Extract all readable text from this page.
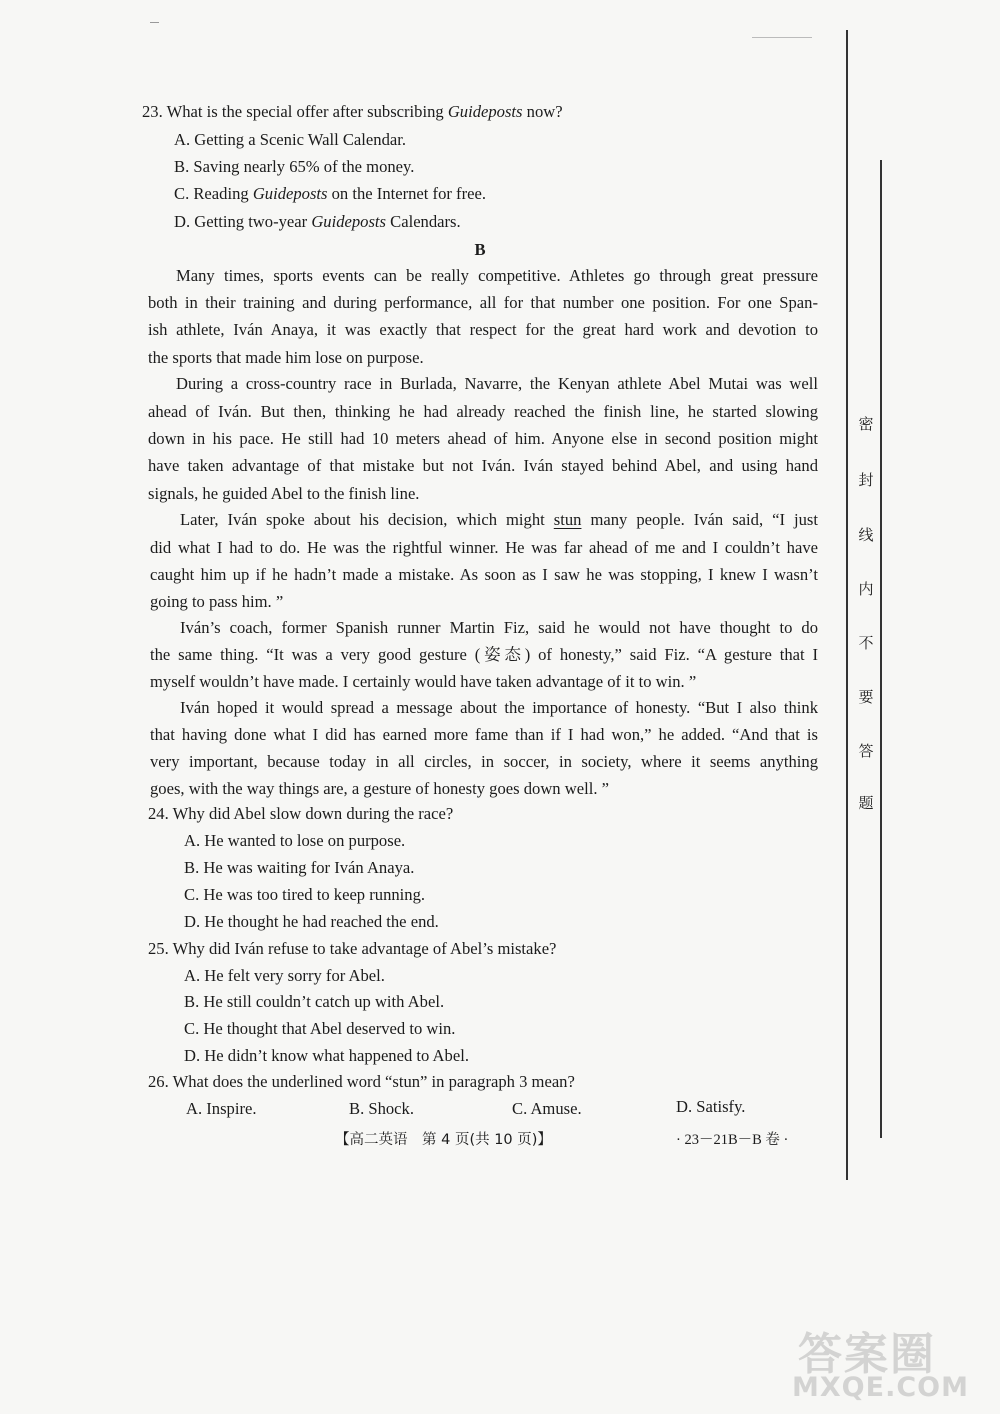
23. What is the special offer after subscribing Guideposts now?
A. Getting a Scenic Wall Calendar.
B. Saving nearly 65% of the money.
C. Reading Guideposts on the Internet for free.
D. Getting two-year Guideposts Calendars.
B
Many times, sports events can be really competitive. Athletes go through great pressure
both in their training and during performance, all for that number one position. For one Span-
ish athlete, Iván Anaya, it was exactly that respect for the great hard work and devotion to
the sports that made him lose on purpose.
During a cross-country race in Burlada, Navarre, the Kenyan athlete Abel Mutai was well
ahead of Iván. But then, thinking he had already reached the finish line, he started slowing
down in his pace. He still had 10 meters ahead of him. Anyone else in second position might
have taken advantage of that mistake but not Iván. Iván stayed behind Abel, and using hand
signals, he guided Abel to the finish line.
Later, Iván spoke about his decision, which might stun many people. Iván said, “I just
did what I had to do. He was the rightful winner. He was far ahead of me and I couldn’t have
caught him up if he hadn’t made a mistake. As soon as I saw he was stopping, I knew I wasn’t
going to pass him. ”
Iván’s coach, former Spanish runner Martin Fiz, said he would not have thought to do
the same thing. “It was a very good gesture (姿态) of honesty,” said Fiz. “A gesture that I
myself wouldn’t have made. I certainly would have taken advantage of it to win. ”
Iván hoped it would spread a message about the importance of honesty. “But I also think
that having done what I did has earned more fame than if I had won,” he added. “And that is
very important, because today in all circles, in soccer, in society, where it seems anything
goes, with the way things are, a gesture of honesty goes down well. ”
24. Why did Abel slow down during the race?
A. He wanted to lose on purpose.
B. He was waiting for Iván Anaya.
C. He was too tired to keep running.
D. He thought he had reached the end.
25. Why did Iván refuse to take advantage of Abel’s mistake?
A. He felt very sorry for Abel.
B. He still couldn’t catch up with Abel.
C. He thought that Abel deserved to win.
D. He didn’t know what happened to Abel.
26. What does the underlined word “stun” in paragraph 3 mean?
A. Inspire.	B. Shock.	C. Amuse.	D. Satisfy.
【高二英语　第 4 页(共 10 页)】	· 23－21B－B 卷 ·
密
封
线
内
不
要
答
题
答案圈
MXQE.COM
